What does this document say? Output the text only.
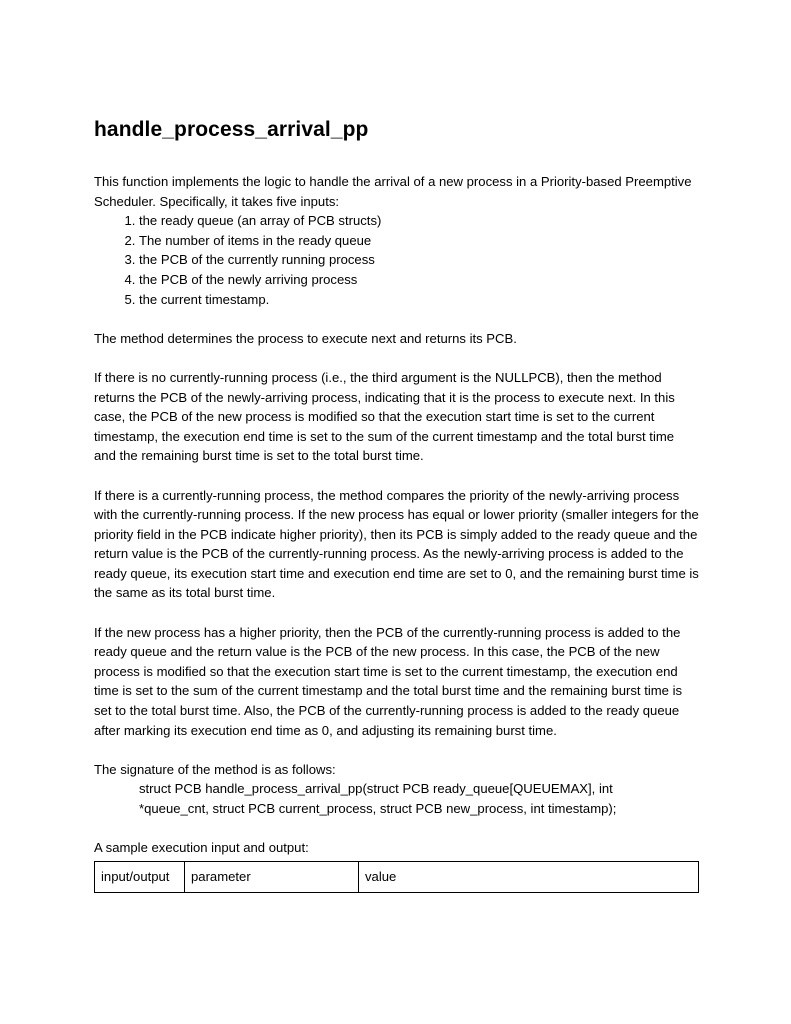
handle_process_arrival_pp

This function implements the logic to handle the arrival of a new process in a Priority-based Preemptive Scheduler. Specifically, it takes five inputs:

1. the ready queue (an array of PCB structs)
2. The number of items in the ready queue
3. the PCB of the currently running process
4. the PCB of the newly arriving process
5. the current timestamp.

The method determines the process to execute next and returns its PCB.

If there is no currently-running process (i.e., the third argument is the NULLPCB), then the method returns the PCB of the newly-arriving process, indicating that it is the process to execute next. In this case, the PCB of the new process is modified so that the execution start time is set to the current timestamp, the execution end time is set to the sum of the current timestamp and the total burst time and the remaining burst time is set to the total burst time.

If there is a currently-running process, the method compares the priority of the newly-arriving process with the currently-running process. If the new process has equal or lower priority (smaller integers for the priority field in the PCB indicate higher priority), then its PCB is simply added to the ready queue and the return value is the PCB of the currently-running process. As the newly-arriving process is added to the ready queue, its execution start time and execution end time are set to 0, and the remaining burst time is the same as its total burst time.

If the new process has a higher priority, then the PCB of the currently-running process is added to the ready queue and the return value is the PCB of the new process. In this case, the PCB of the new process is modified so that the execution start time is set to the current timestamp, the execution end time is set to the sum of the current timestamp and the total burst time and the remaining burst time is set to the total burst time. Also, the PCB of the currently-running process is added to the ready queue after marking its execution end time as 0, and adjusting its remaining burst time.

The signature of the method is as follows:

struct PCB handle_process_arrival_pp(struct PCB ready_queue[QUEUEMAX], int
*queue_cnt, struct PCB current_process, struct PCB new_process, int timestamp);

A sample execution input and output:

input/output	parameter	value
